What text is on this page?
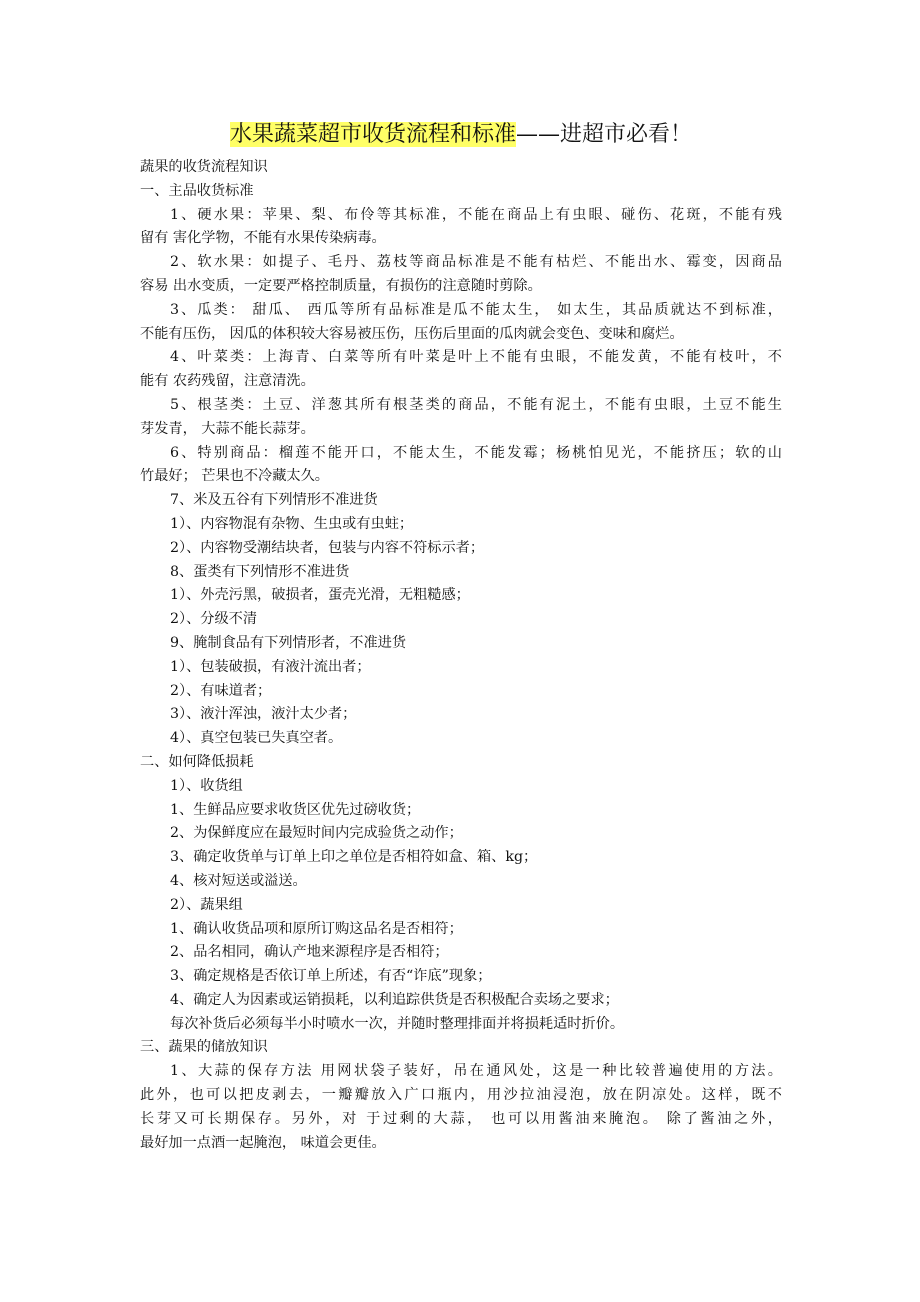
水果蔬菜超市收货流程和标准——进超市必看！

蔬果的收货流程知识

一、主品收货标准

1、硬水果：苹果、梨、布伶等其标准，不能在商品上有虫眼、碰伤、花斑，不能有残

留有 害化学物，不能有水果传染病毒。

2、软水果：如提子、毛丹、荔枝等商品标准是不能有枯烂、不能出水、霉变，因商品

容易 出水变质，一定要严格控制质量，有损伤的注意随时剪除。

3、瓜类： 甜瓜、 西瓜等所有品标准是瓜不能太生， 如太生，其品质就达不到标准，

不能有压伤， 因瓜的体积较大容易被压伤，压伤后里面的瓜肉就会变色、变味和腐烂。

4、叶菜类：上海青、白菜等所有叶菜是叶上不能有虫眼，不能发黄，不能有枝叶，不

能有 农药残留，注意清洗。

5、根茎类：土豆、洋葱其所有根茎类的商品，不能有泥土，不能有虫眼，土豆不能生

芽发青， 大蒜不能长蒜芽。

6、特别商品：榴莲不能开口，不能太生，不能发霉；杨桃怕见光，不能挤压；软的山

竹最好； 芒果也不冷藏太久。

7、米及五谷有下列情形不准进货

1）、内容物混有杂物、生虫或有虫蛀；

2）、内容物受潮结块者，包装与内容不符标示者；

8、蛋类有下列情形不准进货

1）、外壳污黑，破损者，蛋壳光滑，无粗糙感；

2）、分级不清

9、腌制食品有下列情形者，不准进货

1）、包装破损，有液汁流出者；

2）、有味道者；

3）、液汁浑浊，液汁太少者；

4）、真空包装已失真空者。

二、如何降低损耗

1）、收货组

1、生鲜品应要求收货区优先过磅收货；

2、为保鲜度应在最短时间内完成验货之动作；

3、确定收货单与订单上印之单位是否相符如盒、箱、kg；

4、核对短送或溢送。

2）、蔬果组

1、确认收货品项和原所订购这品名是否相符；

2、品名相同，确认产地来源程序是否相符；

3、确定规格是否依订单上所述，有否“诈底”现象；

4、确定人为因素或运销损耗，以利追踪供货是否积极配合卖场之要求；

每次补货后必须每半小时喷水一次，并随时整理排面并将损耗适时折价。

三、蔬果的储放知识

1、大蒜的保存方法 用网状袋子装好，吊在通风处，这是一种比较普遍使用的方法。

此外，也可以把皮剥去，一瓣瓣放入广口瓶内，用沙拉油浸泡，放在阴凉处。这样，既不

长芽又可长期保存。另外，对 于过剩的大蒜， 也可以用酱油来腌泡。 除了酱油之外，

最好加一点酒一起腌泡， 味道会更佳。
